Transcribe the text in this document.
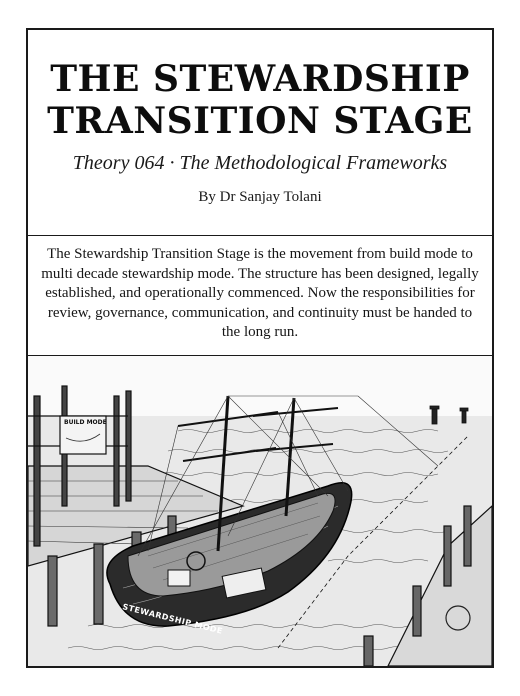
THE STEWARDSHIP
TRANSITION STAGE

Theory 064 · The Methodological Frameworks

By Dr Sanjay Tolani

The Stewardship Transition Stage is the movement from build mode to multi decade stewardship mode. The structure has been designed, legally established, and operationally commenced. Now the responsibilities for review, governance, communication, and continuity must be handed to the long run.
BUILD MODE
STEWARDSHIP MODE
